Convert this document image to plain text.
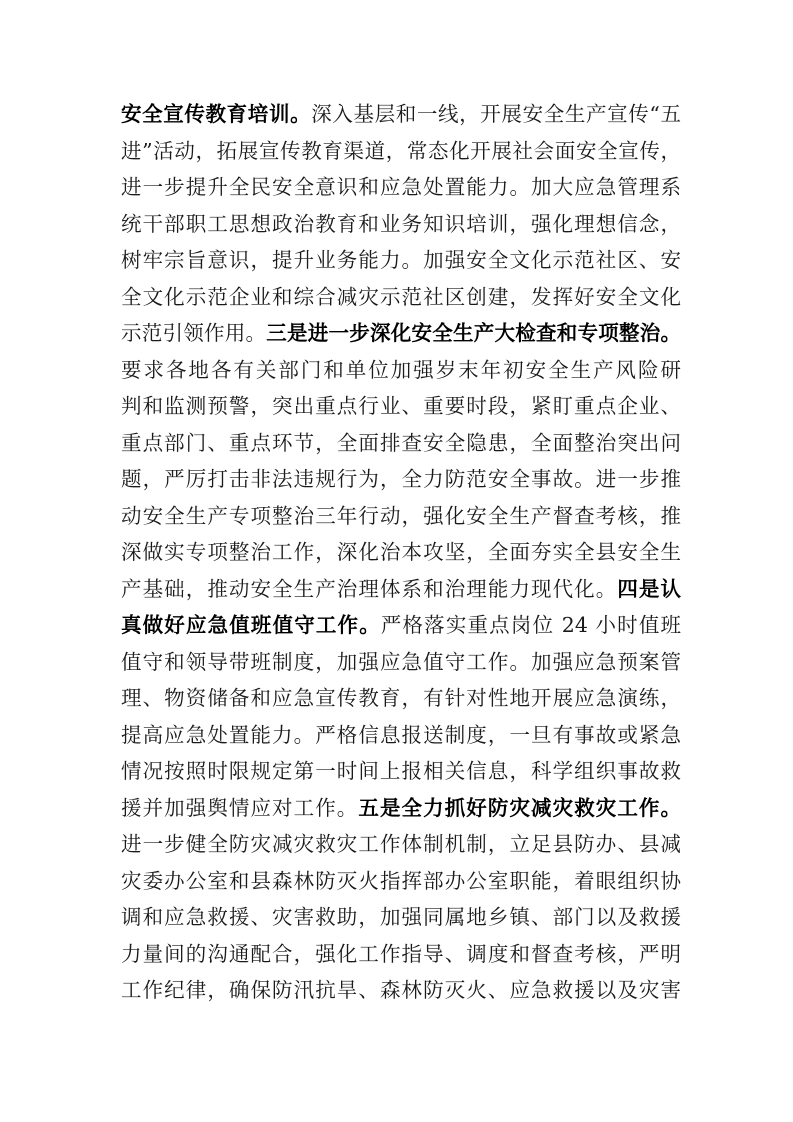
安全宣传教育培训。深入基层和一线，开展安全生产宣传“五
进”活动，拓展宣传教育渠道，常态化开展社会面安全宣传，
进一步提升全民安全意识和应急处置能力。加大应急管理系
统干部职工思想政治教育和业务知识培训，强化理想信念，
树牢宗旨意识，提升业务能力。加强安全文化示范社区、安
全文化示范企业和综合减灾示范社区创建，发挥好安全文化
示范引领作用。三是进一步深化安全生产大检查和专项整治。
要求各地各有关部门和单位加强岁末年初安全生产风险研
判和监测预警，突出重点行业、重要时段，紧盯重点企业、
重点部门、重点环节，全面排查安全隐患，全面整治突出问
题，严厉打击非法违规行为，全力防范安全事故。进一步推
动安全生产专项整治三年行动，强化安全生产督查考核，推
深做实专项整治工作，深化治本攻坚，全面夯实全县安全生
产基础，推动安全生产治理体系和治理能力现代化。四是认
真做好应急值班值守工作。严格落实重点岗位 24 小时值班
值守和领导带班制度，加强应急值守工作。加强应急预案管
理、物资储备和应急宣传教育，有针对性地开展应急演练，
提高应急处置能力。严格信息报送制度，一旦有事故或紧急
情况按照时限规定第一时间上报相关信息，科学组织事故救
援并加强舆情应对工作。五是全力抓好防灾减灾救灾工作。
进一步健全防灾减灾救灾工作体制机制，立足县防办、县减
灾委办公室和县森林防灭火指挥部办公室职能，着眼组织协
调和应急救援、灾害救助，加强同属地乡镇、部门以及救援
力量间的沟通配合，强化工作指导、调度和督查考核，严明
工作纪律，确保防汛抗旱、森林防灭火、应急救援以及灾害
